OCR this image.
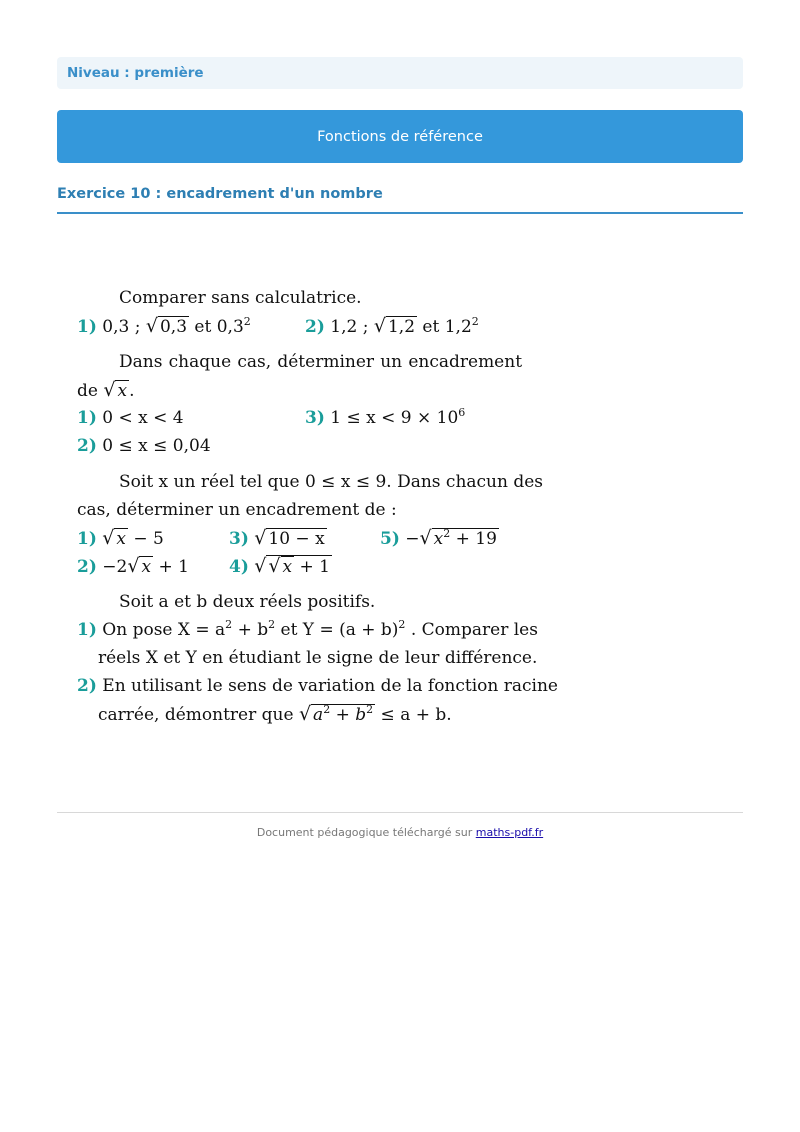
Niveau : première
Fonctions de référence
Exercice 10 : encadrement d'un nombre
Comparer sans calculatrice.
1) 0,3 ; √ 0,3 et $0,3^2$	2) 1,2 ; √ 1,2 et $1,2^2$
Dans chaque cas, déterminer un encadrement
de √ x .
1) 0 < x < 4	3) $1 \le x < 9 \times 10^6$
2) 0 ≤ x ≤ 0,04
Soit x un réel tel que 0 ≤ x ≤ 9. Dans chacun des
cas, déterminer un encadrement de :
1) √ x − 5	3) √ 10 − x	5) −√ $x^2 + 19$
2) −2√ x + 1 4) √ √ x + 1
Soit a et b deux réels positifs.
1) On pose $X = a^2 + b^2$ et $Y = (a + b)^2$ . Comparer les
réels X et Y en étudiant le signe de leur différence.
2) En utilisant le sens de variation de la fonction racine
carrée, démontrer que √ $a^2 + b^2 \le a + b$.
Document pédagogique téléchargé sur maths-pdf.fr
